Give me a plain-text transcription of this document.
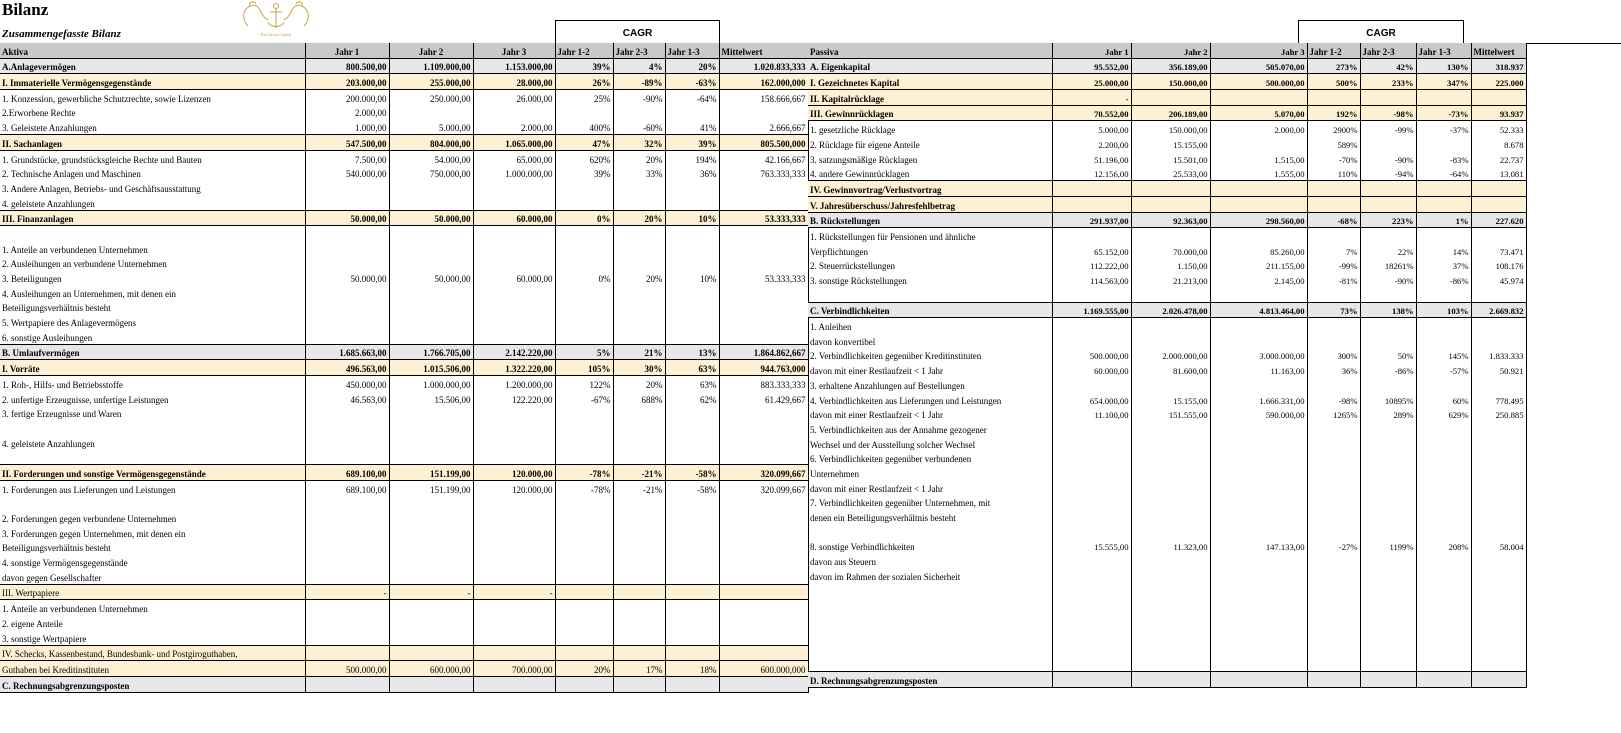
Bilanz
Zusammengefasste Bilanz	Post Invest Capital	CAGR	CAGR
Aktiva	Jahr 1	Jahr 2	Jahr 3	Jahr 1-2	Jahr 2-3	Jahr 1-3	Mittelwert
A.Anlagevermögen	800.500,00	1.109.000,00	1.153.000,00	39%	4%	20%	1.020.833,333
I. Immaterielle Vermögensgegenstände	203.000,00	255.000,00	28.000,00	26%	-89%	-63%	162.000,000
1. Konzession, gewerbliche Schutzrechte, sowie Lizenzen	200.000,00	250.000,00	26.000,00	25%	-90%	-64%	158.666,667
2.Erworbene Rechte	2.000,00						
3. Geleistete Anzahlungen	1.000,00	5.000,00	2.000,00	400%	-60%	41%	2.666,667
II. Sachanlagen	547.500,00	804.000,00	1.065.000,00	47%	32%	39%	805.500,000
1. Grundstücke, grundstücksgleiche Rechte und Bauten	7.500,00	54.000,00	65.000,00	620%	20%	194%	42.166,667
2. Technische Anlagen und Maschinen	540.000,00	750.000,00	1.000.000,00	39%	33%	36%	763.333,333
3. Andere Anlagen, Betriebs- und Geschäftsausstattung							
4. geleistete Anzahlungen							
III. Finanzanlagen	50.000,00	50.000,00	60.000,00	0%	20%	10%	53.333,333

1. Anteile an verbundenen Unternehmen							
2. Ausleihungen an verbundene Unternehmen							
3. Beteiligungen	50.000,00	50.000,00	60.000,00	0%	20%	10%	53.333,333
4. Ausleihungen an Unternehmen, mit denen ein							
Beteiligungsverhältnis besteht							
5. Wertpapiere des Anlagevermögens							
6. sonstige Ausleihungen							
B. Umlaufvermögen	1.685.663,00	1.766.705,00	2.142.220,00	5%	21%	13%	1.864.862,667
I. Vorräte	496.563,00	1.015.506,00	1.322.220,00	105%	30%	63%	944.763,000
1. Roh-, Hilfs- und Betriebsstoffe	450.000,00	1.000.000,00	1.200.000,00	122%	20%	63%	883.333,333
2. unfertige Erzeugnisse, unfertige Leistungen	46.563,00	15.506,00	122.220,00	-67%	688%	62%	61.429,667
3. fertige Erzeugnisse und Waren							

4. geleistete Anzahlungen							

II. Forderungen und sonstige Vermögensgegenstände	689.100,00	151.199,00	120.000,00	-78%	-21%	-58%	320.099,667
1. Forderungen aus Lieferungen und Leistungen	689.100,00	151.199,00	120.000,00	-78%	-21%	-58%	320.099,667

2. Forderungen gegen verbundene Unternehmen							
3. Forderungen gegen Unternehmen, mit denen ein							
Beteiligungsverhältnis besteht							
4. sonstige Vermögensgegenstände							
davon gegen Gesellschafter							
III. Wertpapiere	-	-	-				
1. Anteile an verbundenen Unternehmen							
2. eigene Anteile							
3. sonstige Wertpapiere							
IV. Schecks, Kassenbestand, Bundesbank- und Postgiroguthaben,							
Guthaben bei Kreditinstituten	500.000,00	600.000,00	700.000,00	20%	17%	18%	600.000,000
C. Rechnungsabgrenzungsposten							
Passiva	Jahr 1	Jahr 2	Jahr 3	Jahr 1-2	Jahr 2-3	Jahr 1-3	Mittelwert
A. Eigenkapital	95.552,00	356.189,00	505.070,00	273%	42%	130%	318.937
I. Gezeichnetes Kapital	25.000,00	150.000,00	500.000,00	500%	233%	347%	225.000
II. Kapitalrücklage	-						
III. Gewinnrücklagen	70.552,00	206.189,00	5.070,00	192%	-98%	-73%	93.937
1. gesetzliche Rücklage	5.000,00	150.000,00	2.000,00	2900%	-99%	-37%	52.333
2. Rücklage für eigene Anteile	2.200,00	15.155,00		589%			8.678
3. satzungsmäßige Rücklagen	51.196,00	15.501,00	1.515,00	-70%	-90%	-83%	22.737
4. andere Gewinnrücklagen	12.156,00	25.533,00	1.555,00	110%	-94%	-64%	13.081
IV. Gewinnvortrag/Verlustvortrag							
V. Jahresüberschuss/Jahresfehlbetrag							
B. Rückstellungen	291.937,00	92.363,00	298.560,00	-68%	223%	1%	227.620
1. Rückstellungen für Pensionen und ähnliche							
Verpflichtungen	65.152,00	70.000,00	85.260,00	7%	22%	14%	73.471
2. Steuerrückstellungen	112.222,00	1.150,00	211.155,00	-99%	18261%	37%	108.176
3. sonstige Rückstellungen	114.563,00	21.213,00	2.145,00	-81%	-90%	-86%	45.974

C. Verbindlichkeiten	1.169.555,00	2.026.478,00	4.813.464,00	73%	138%	103%	2.669.832
1. Anleihen							
davon konvertibel							
2. Verbindlichkeiten gegenüber Kreditinstituten	500.000,00	2.000.000,00	3.000.000,00	300%	50%	145%	1.833.333
davon mit einer Restlaufzeit < 1 Jahr	60.000,00	81.600,00	11.163,00	36%	-86%	-57%	50.921
3. erhaltene Anzahlungen auf Bestellungen							
4. Verbindlichkeiten aus Lieferungen und Leistungen	654.000,00	15.155,00	1.666.331,00	-98%	10895%	60%	778.495
davon mit einer Restlaufzeit < 1 Jahr	11.100,00	151.555,00	590.000,00	1265%	289%	629%	250.885
5. Verbindlichkeiten aus der Annahme gezogener							
Wechsel und der Ausstellung solcher Wechsel							
6. Verbindlichkeiten gegenüber verbundenen							
Unternehmen							
davon mit einer Restlaufzeit < 1 Jahr							
7. Verbindlichkeiten gegenüber Unternehmen, mit							
denen ein Beteiligungsverhältnis besteht							

8. sonstige Verbindlichkeiten	15.555,00	11.323,00	147.133,00	-27%	1199%	208%	58.004
davon aus Steuern							
davon im Rahmen der sozialen Sicherheit							

D. Rechnungsabgrenzungsposten							
